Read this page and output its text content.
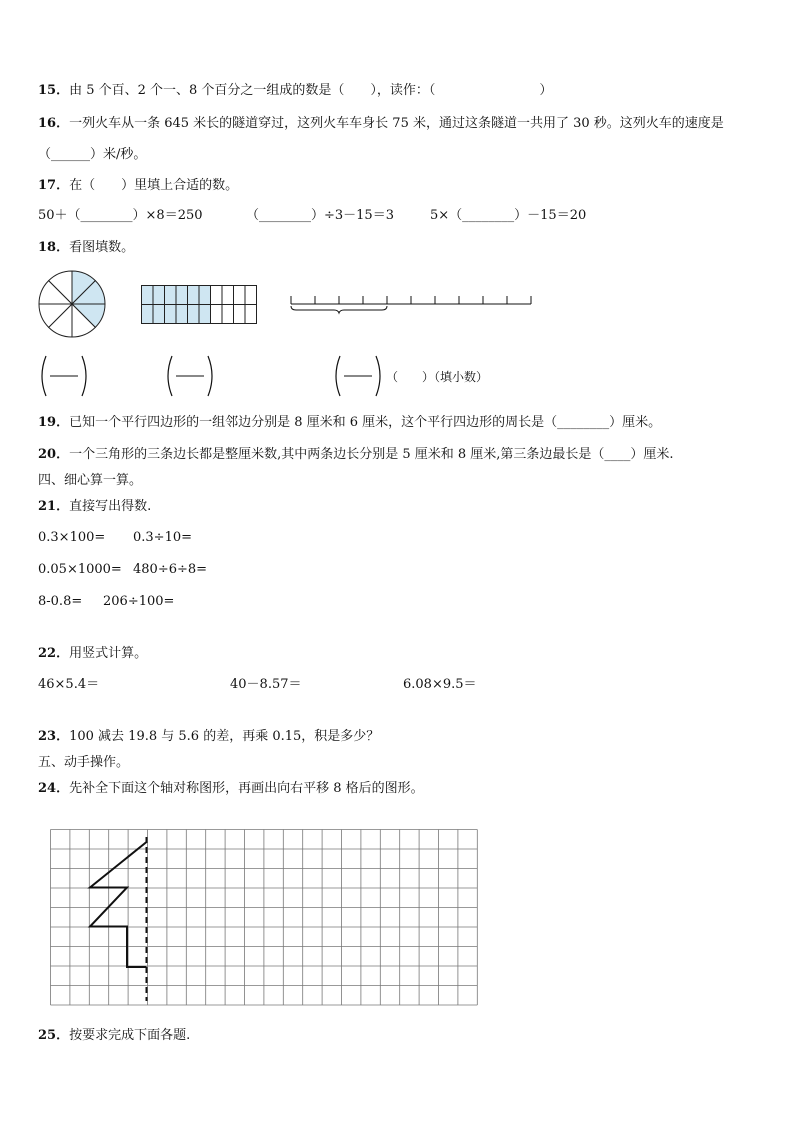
15．由 5 个百、2 个一、8 个百分之一组成的数是（　　），读作：（　　　　　　　　）
16．一列火车从一条 645 米长的隧道穿过，这列火车车身长 75 米，通过这条隧道一共用了 30 秒。这列火车的速度是
（______）米/秒。
17．在（　　）里填上合适的数。
50＋（________）×8＝250	（________）÷3－15＝3	5×（________）－15＝20
18．看图填数。
（　　）（填小数）
19．已知一个平行四边形的一组邻边分别是 8 厘米和 6 厘米，这个平行四边形的周长是（________）厘米。
20．一个三角形的三条边长都是整厘米数,其中两条边长分别是 5 厘米和 8 厘米,第三条边最长是（____）厘米.
四、细心算一算。
21．直接写出得数.
0.3×100= 0.3÷10=
0.05×1000= 480÷6÷8=
8-0.8= 206÷100=
22．用竖式计算。
46×5.4＝	40－8.57＝	6.08×9.5＝
23．100 减去 19.8 与 5.6 的差，再乘 0.15，积是多少？
五、动手操作。
24．先补全下面这个轴对称图形，再画出向右平移 8 格后的图形。
25．按要求完成下面各题.
